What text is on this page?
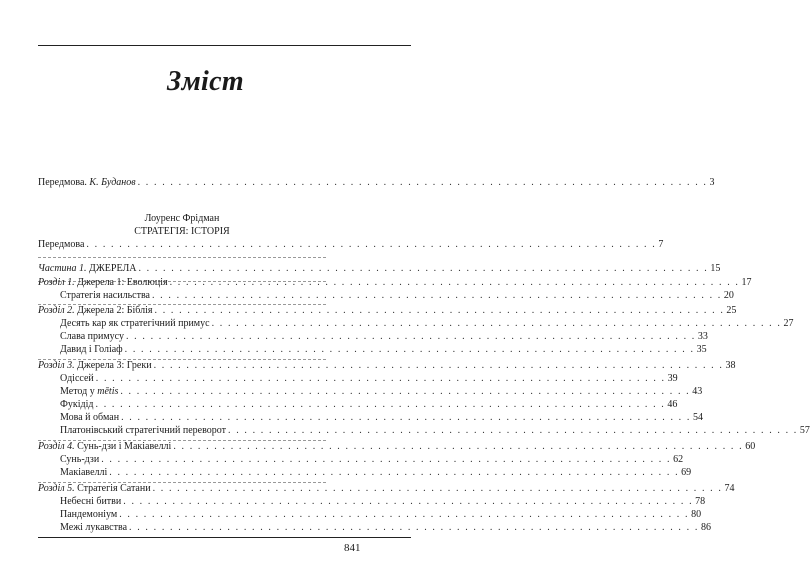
Зміст
Передмова. К. Буданов . . . . . . . . . . . . . . . . . . . . . . . . . . . . . . . . . . . . . . . . . . . . . . . . . . . . . . . . . . . . . . . . . . . . . . 3
Лоуренс Фрідман
СТРАТЕГІЯ: ІСТОРІЯ
Передмова . . . . . . . . . . . . . . . . . . . . . . . . . . . . . . . . . . . . . . . . . . . . . . . . . . . . . . . . . . . . . . . . . . . . . . 7
Частина 1. ДЖЕРЕЛА . . . . . . . . . . . . . . . . . . . . . . . . . . . . . . . . . . . . . . . . . . . . . . . . . . . . . . . . . . . . . . . . . . . . . . 15
Розділ 1. Джерела 1: Еволюція . . . . . . . . . . . . . . . . . . . . . . . . . . . . . . . . . . . . . . . . . . . . . . . . . . . . . . . . . . . . . . . . . . . . . . 17
Стратегія насильства . . . . . . . . . . . . . . . . . . . . . . . . . . . . . . . . . . . . . . . . . . . . . . . . . . . . . . . . . . . . . . . . . . . . . . 20
Розділ 2. Джерела 2: Біблія . . . . . . . . . . . . . . . . . . . . . . . . . . . . . . . . . . . . . . . . . . . . . . . . . . . . . . . . . . . . . . . . . . . . . . 25
Десять кар як стратегічний примус . . . . . . . . . . . . . . . . . . . . . . . . . . . . . . . . . . . . . . . . . . . . . . . . . . . . . . . . . . . . . . . . . . . . . . 27
Слава примусу . . . . . . . . . . . . . . . . . . . . . . . . . . . . . . . . . . . . . . . . . . . . . . . . . . . . . . . . . . . . . . . . . . . . . . 33
Давид і Голіаф . . . . . . . . . . . . . . . . . . . . . . . . . . . . . . . . . . . . . . . . . . . . . . . . . . . . . . . . . . . . . . . . . . . . . . 35
Розділ 3. Джерела 3: Греки . . . . . . . . . . . . . . . . . . . . . . . . . . . . . . . . . . . . . . . . . . . . . . . . . . . . . . . . . . . . . . . . . . . . . . 38
Одіссей . . . . . . . . . . . . . . . . . . . . . . . . . . . . . . . . . . . . . . . . . . . . . . . . . . . . . . . . . . . . . . . . . . . . . . 39
Метод у mētis . . . . . . . . . . . . . . . . . . . . . . . . . . . . . . . . . . . . . . . . . . . . . . . . . . . . . . . . . . . . . . . . . . . . . . 43
Фукідід . . . . . . . . . . . . . . . . . . . . . . . . . . . . . . . . . . . . . . . . . . . . . . . . . . . . . . . . . . . . . . . . . . . . . . 46
Мова й обман . . . . . . . . . . . . . . . . . . . . . . . . . . . . . . . . . . . . . . . . . . . . . . . . . . . . . . . . . . . . . . . . . . . . . . 54
Платонівський стратегічний переворот . . . . . . . . . . . . . . . . . . . . . . . . . . . . . . . . . . . . . . . . . . . . . . . . . . . . . . . . . . . . . . . . . . . . . . 57
Розділ 4. Сунь-дзи і Макіавеллі . . . . . . . . . . . . . . . . . . . . . . . . . . . . . . . . . . . . . . . . . . . . . . . . . . . . . . . . . . . . . . . . . . . . . . 60
Сунь-дзи . . . . . . . . . . . . . . . . . . . . . . . . . . . . . . . . . . . . . . . . . . . . . . . . . . . . . . . . . . . . . . . . . . . . . . 62
Макіавеллі . . . . . . . . . . . . . . . . . . . . . . . . . . . . . . . . . . . . . . . . . . . . . . . . . . . . . . . . . . . . . . . . . . . . . . 69
Розділ 5. Стратегія Сатани . . . . . . . . . . . . . . . . . . . . . . . . . . . . . . . . . . . . . . . . . . . . . . . . . . . . . . . . . . . . . . . . . . . . . . 74
Небесні битви . . . . . . . . . . . . . . . . . . . . . . . . . . . . . . . . . . . . . . . . . . . . . . . . . . . . . . . . . . . . . . . . . . . . . . 78
Пандемоніум . . . . . . . . . . . . . . . . . . . . . . . . . . . . . . . . . . . . . . . . . . . . . . . . . . . . . . . . . . . . . . . . . . . . . . 80
Межі лукавства . . . . . . . . . . . . . . . . . . . . . . . . . . . . . . . . . . . . . . . . . . . . . . . . . . . . . . . . . . . . . . . . . . . . . . 86
841
